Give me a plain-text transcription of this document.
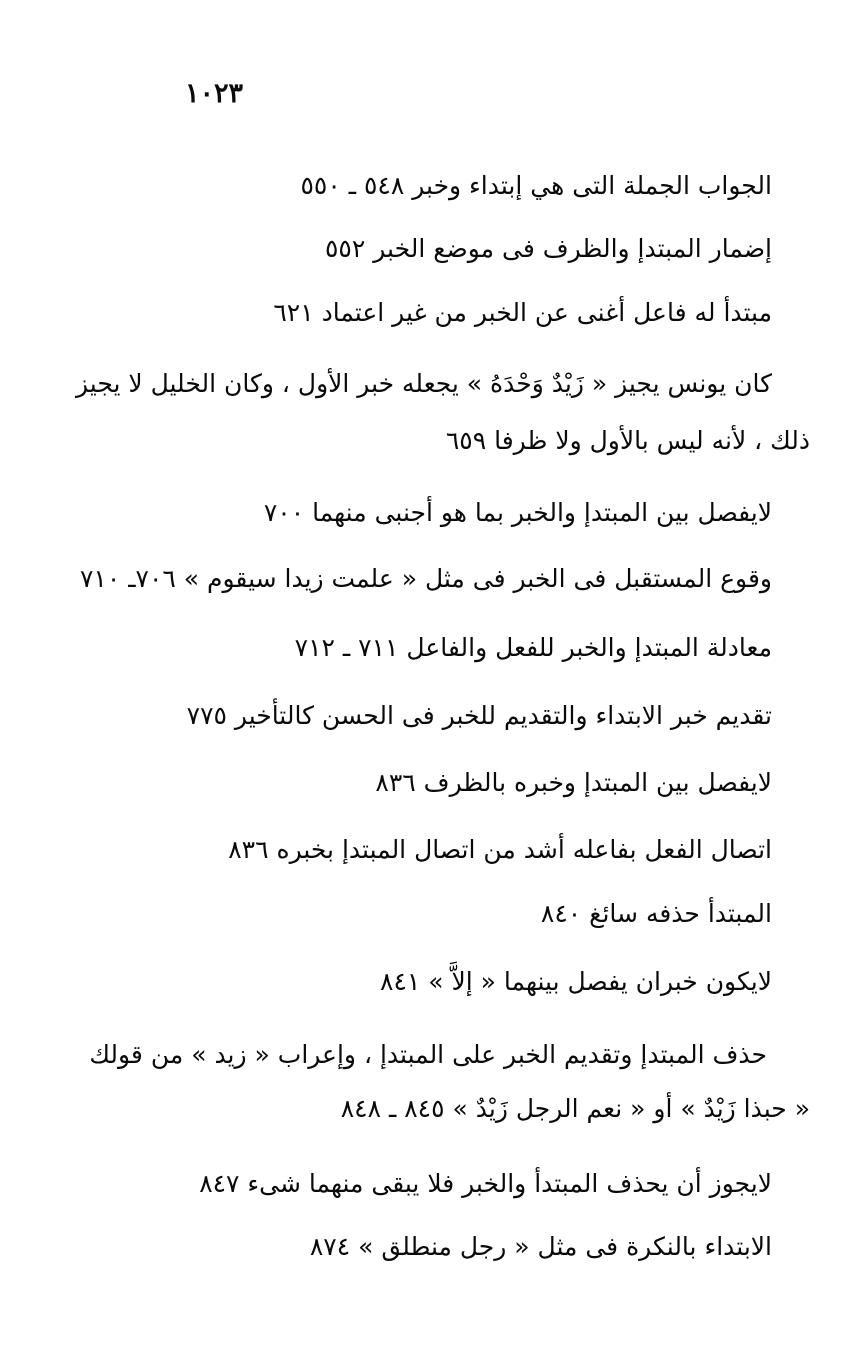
١٠٢٣
الجواب الجملة التى هي إبتداء وخبر ٥٤٨ ـ ٥٥٠
إضمار المبتدإ والظرف فى موضع الخبر ٥٥٢
مبتدأ له فاعل أغنى عن الخبر من غير اعتماد ٦٢١
كان يونس يجيز « زَيْدٌ وَحْدَهُ » يجعله خبر الأول ، وكان الخليل لا يجيز
ذلك ، لأنه ليس بالأول ولا ظرفا ٦٥٩
لايفصل بين المبتدإ والخبر بما هو أجنبى منهما ٧٠٠
وقوع المستقبل فى الخبر فى مثل « علمت زيدا سيقوم » ٧٠٦ـ ٧١٠
معادلة المبتدإ والخبر للفعل والفاعل ٧١١ ـ ٧١٢
تقديم خبر الابتداء والتقديم للخبر فى الحسن كالتأخير ٧٧٥
لايفصل بين المبتدإ وخبره بالظرف ٨٣٦
اتصال الفعل بفاعله أشد من اتصال المبتدإ بخبره ٨٣٦
المبتدأ حذفه سائغ ٨٤٠
لايكون خبران يفصل بينهما « إلاَّ » ٨٤١
حذف المبتدإ وتقديم الخبر على المبتدإ ، وإعراب « زيد » من قولك
« حبذا زَيْدٌ » أو « نعم الرجل زَيْدٌ » ٨٤٥ ـ ٨٤٨
لايجوز أن يحذف المبتدأ والخبر فلا يبقى منهما شىء ٨٤٧
الابتداء بالنكرة فى مثل « رجل منطلق » ٨٧٤
